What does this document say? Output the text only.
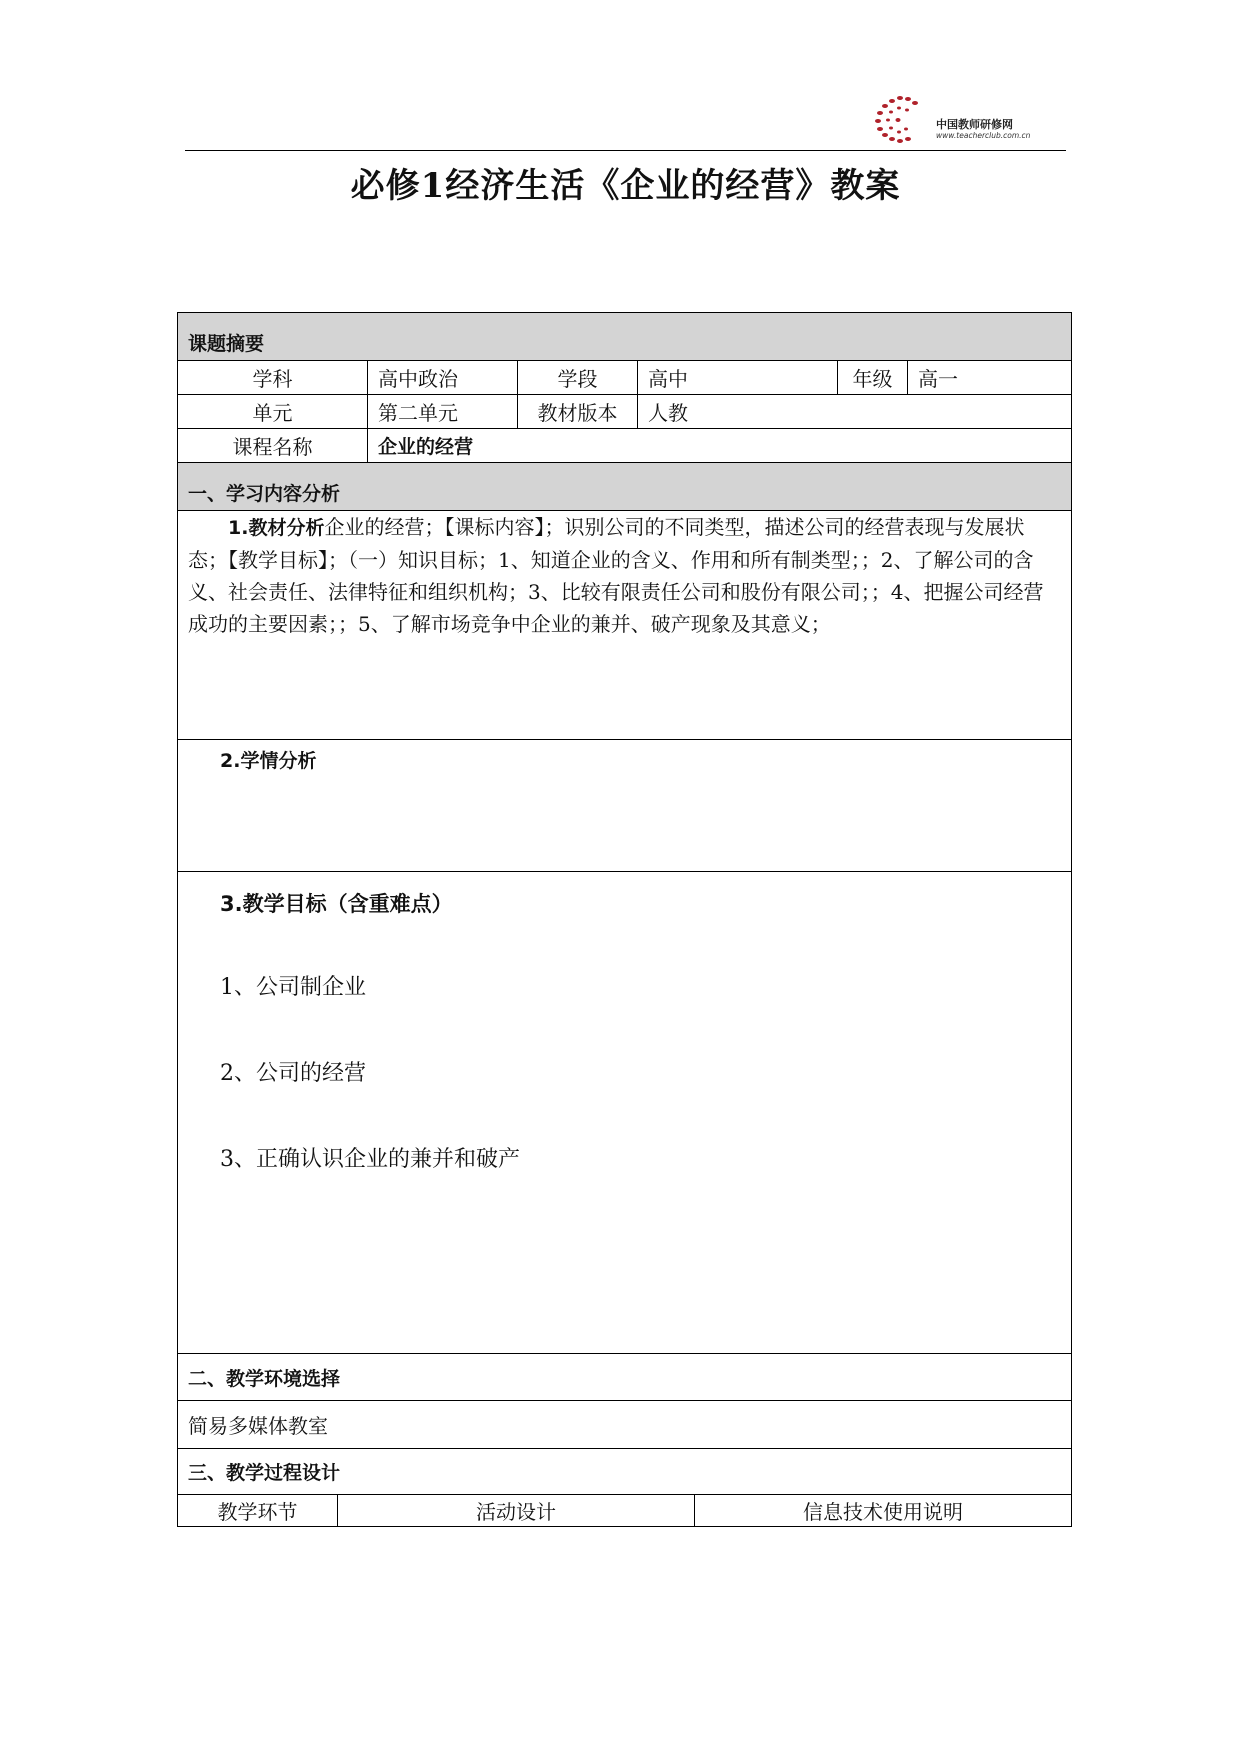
中国教师研修网
www.teacherclub.com.cn
必修1经济生活《企业的经营》教案
课题摘要					
学科	高中政治	学段	高中	年级	高一
单元	第二单元	教材版本	人教		
课程名称	企业的经营				
一、学习内容分析					
1.教材分析企业的经营；【课标内容】；识别公司的不同类型，描述公司的经营表现与发展状态；【教学目标】；（一）知识目标；1、知道企业的含义、作用和所有制类型；；2、了解公司的含义、社会责任、法律特征和组织机构；3、比较有限责任公司和股份有限公司；；4、把握公司经营成功的主要因素；；5、了解市场竞争中企业的兼并、破产现象及其意义；					
2.学情分析					

3.教学目标（含重难点）
1、公司制企业
2、公司的经营
3、正确认识企业的兼并和破产					

二、教学环境选择					
简易多媒体教室					
三、教学过程设计					
教学环节	活动设计	信息技术使用说明
